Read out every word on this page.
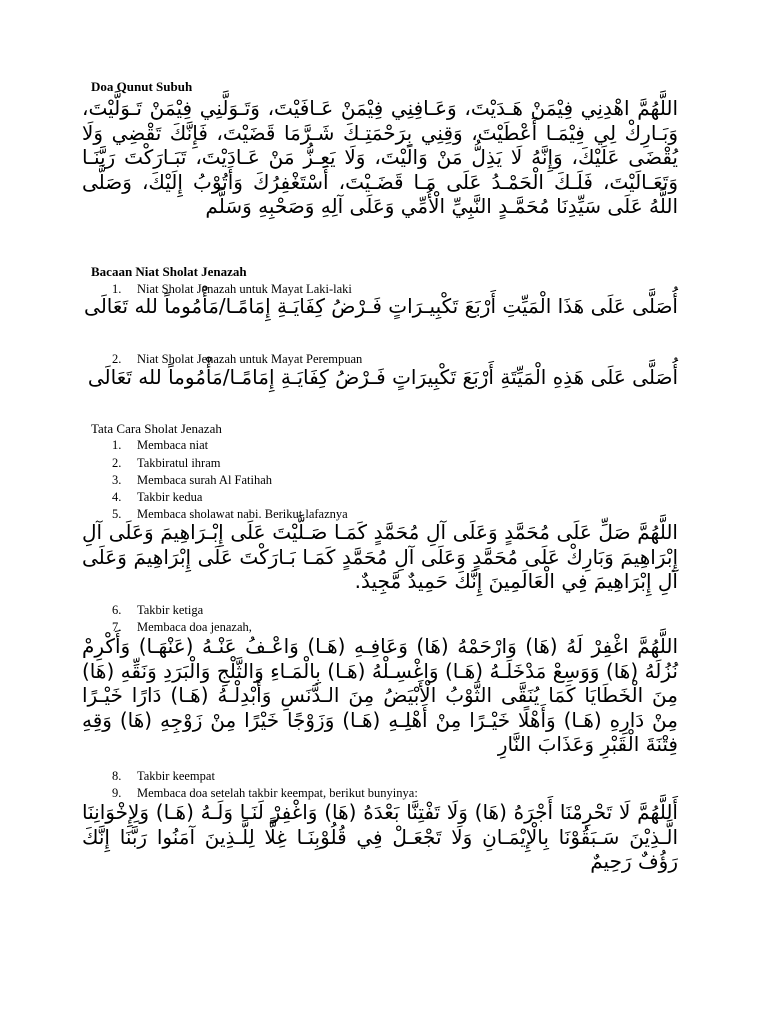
Doa Qunut Subuh
اللَّهُمَّ اهْدِنِي فِيْمَنْ هَـدَيْتَ، وَعَـافِنِي فِيْمَنْ عَـافَيْتَ، وَتَـوَلَّنِي فِيْمَنْ تَـوَلَّيْتَ، وَبَـارِكْ لِي فِيْمَـا أَعْطَيْتَ، وَقِنِي بِرَحْمَتِـكَ شَـرَّمَا قَضَيْتَ، فَإِنَّكَ تَقْضِي وَلَا يُقْضَى عَلَيْكَ، وَإِنَّهُ لَا يَذِلُّ مَنْ وَالَيْتَ، وَلَا يَعِـزُّ مَنْ عَـادَيْتَ، تَبَـارَكْتَ رَبَّنَـا وَتَعَـالَيْتَ، فَلَـكَ الْحَمْـدُ عَلَى مَـا قَضَـيْتَ، أَسْتَغْفِرُكَ وَأَتُوْبُ إِلَيْكَ، وَصَلَّى اللَّهُ عَلَى سَيِّدِنَا مُحَمَّـدٍ النَّبِيِّ الْأُمِّي وَعَلَى آلِهِ وَصَحْبِهِ وَسَلَّم
Bacaan Niat Sholat Jenazah
1. Niat Sholat Jenazah untuk Mayat Laki-laki
أُصَلَّى عَلَى هَذَا الْمَيِّتِ أَرْبَعَ تَكْبِيـرَاتٍ فَـرْضُ كِفَايَـةِ إِمَامًـا/مَأْمُوماً لله تَعَالَى
2. Niat Sholat Jenazah untuk Mayat Perempuan
أُصَلَّى عَلَى هَذِهِ الْمَيِّتَةِ أَرْبَعَ تَكْبِيرَاتٍ فَـرْضُ كِفَايَـةِ إِمَامًـا/مَأْمُوماً لله تَعَالَى
Tata Cara Sholat Jenazah
1. Membaca niat
2. Takbiratul ihram
3. Membaca surah Al Fatihah
4. Takbir kedua
5. Membaca sholawat nabi. Berikut lafaznya
اللَّهُمَّ صَلِّ عَلَى مُحَمَّدٍ وَعَلَى آلِ مُحَمَّدٍ كَمَـا صَـلَّيْتَ عَلَى إِبْـرَاهِيمَ وَعَلَى آلِ إِبْرَاهِيمَ وَبَارِكْ عَلَى مُحَمَّدٍ وَعَلَى آلِ مُحَمَّدٍ كَمَـا بَـارَكْتَ عَلَى إِبْرَاهِيمَ وَعَلَى آلِ إِبْرَاهِيمَ فِي الْعَالَمِينَ إِنَّكَ حَمِيدٌ مَّجِيدٌ.
6. Takbir ketiga
7. Membaca doa jenazah,
اللَّهُمَّ اغْفِرْ لَهُ (هَا) وَارْحَمْهُ (هَا) وَعَافِـهِ (هَـا) وَاعْـفُ عَنْـهُ (عَنْهَـا) وَأَكْرِمْ نُزُلَهُ (هَا) وَوَسِعْ مَدْخَلَـهُ (هَـا) وَاغْسِـلْهُ (هَـا) بِالْمَـاءِ وَالثَّلْجِ وَالْبَرَدِ وَنَقِّهِ (هَا) مِنَ الْخَطَايَا كَمَا يُنَقَّى الثَّوْبُ الْأَبْيَضُ مِنَ الـدَّنَسِ وَأَبْدِلْـهُ (هَـا) دَارًا خَيْـرًا مِنْ دَارِهِ (هَـا) وَأَهْلًا خَيْـرًا مِنْ أَهْلِـهِ (هَـا) وَزَوْجًا خَيْرًا مِنْ زَوْجِهِ (هَا) وَقِهِ فِتْنَةَ الْقَبْرِ وَعَذَابَ النَّارِ
8. Takbir keempat
9. Membaca doa setelah takbir keempat, berikut bunyinya:
أَللَّهُمَّ لَا تَحْرِمْنَا أَجْرَهُ (هَا) وَلَا تَفْتِنَّا بَعْدَهُ (هَا) وَاغْفِرْ لَنَـا وَلَـهُ (هَـا) وَلِإِخْوَانِنَا الَّـذِيْنَ سَـبَقُوْنَا بِالْإِيْمَـانِ وَلَا تَجْعَـلْ فِي قُلُوْبِنَـا غِلًّا لِلَّـذِينَ آمَنُوا رَبَّنَا إِنَّكَ رَؤُفٌ رَحِيمٌ
